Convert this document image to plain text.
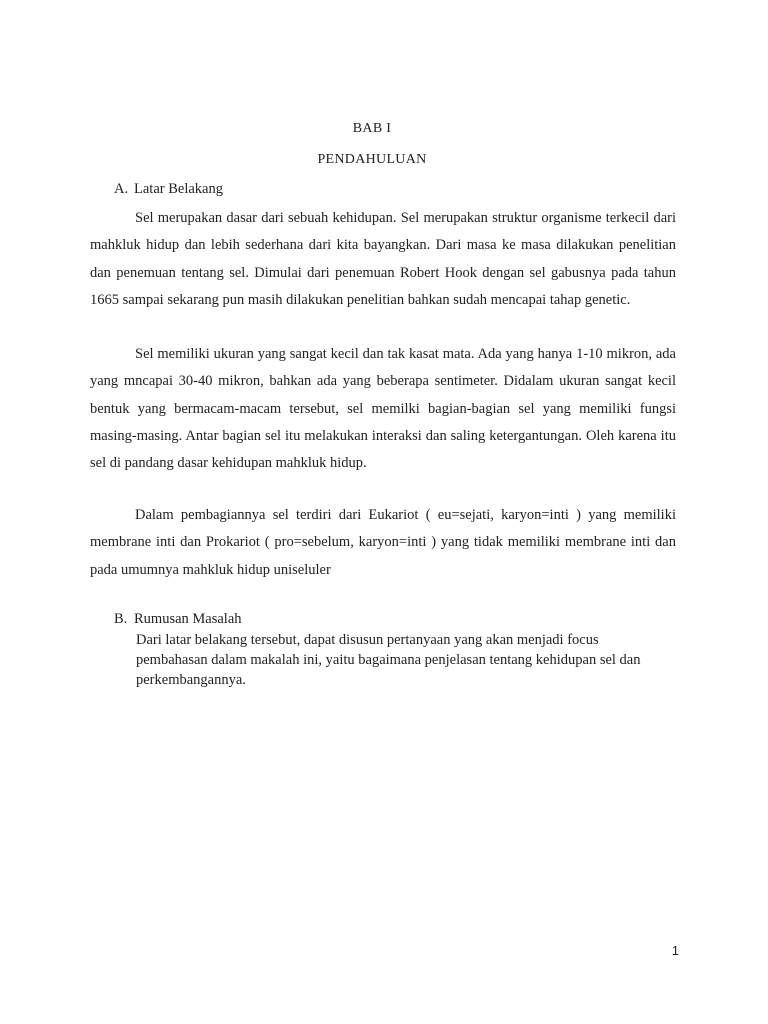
BAB I
PENDAHULUAN
A. Latar Belakang

Sel merupakan dasar dari sebuah kehidupan. Sel merupakan struktur organisme terkecil dari mahkluk hidup dan lebih sederhana dari kita bayangkan. Dari masa ke masa dilakukan penelitian dan penemuan tentang sel. Dimulai dari penemuan Robert Hook dengan sel gabusnya pada tahun 1665 sampai sekarang pun masih dilakukan penelitian bahkan sudah mencapai tahap genetic.

Sel memiliki ukuran yang sangat kecil dan tak kasat mata. Ada yang hanya 1-10 mikron, ada yang mncapai 30-40 mikron, bahkan ada yang beberapa sentimeter. Didalam ukuran sangat kecil bentuk yang bermacam-macam tersebut, sel memilki bagian-bagian sel yang memiliki fungsi masing-masing. Antar bagian sel itu melakukan interaksi dan saling ketergantungan. Oleh karena itu sel di pandang dasar kehidupan mahkluk hidup.

Dalam pembagiannya sel terdiri dari Eukariot ( eu=sejati, karyon=inti ) yang memiliki membrane inti dan Prokariot ( pro=sebelum, karyon=inti ) yang tidak memiliki membrane inti dan pada umumnya mahkluk hidup uniseluler

B. Rumusan Masalah
Dari latar belakang tersebut, dapat disusun pertanyaan yang akan menjadi focus
pembahasan dalam makalah ini, yaitu bagaimana penjelasan tentang kehidupan sel dan
perkembangannya.
1
